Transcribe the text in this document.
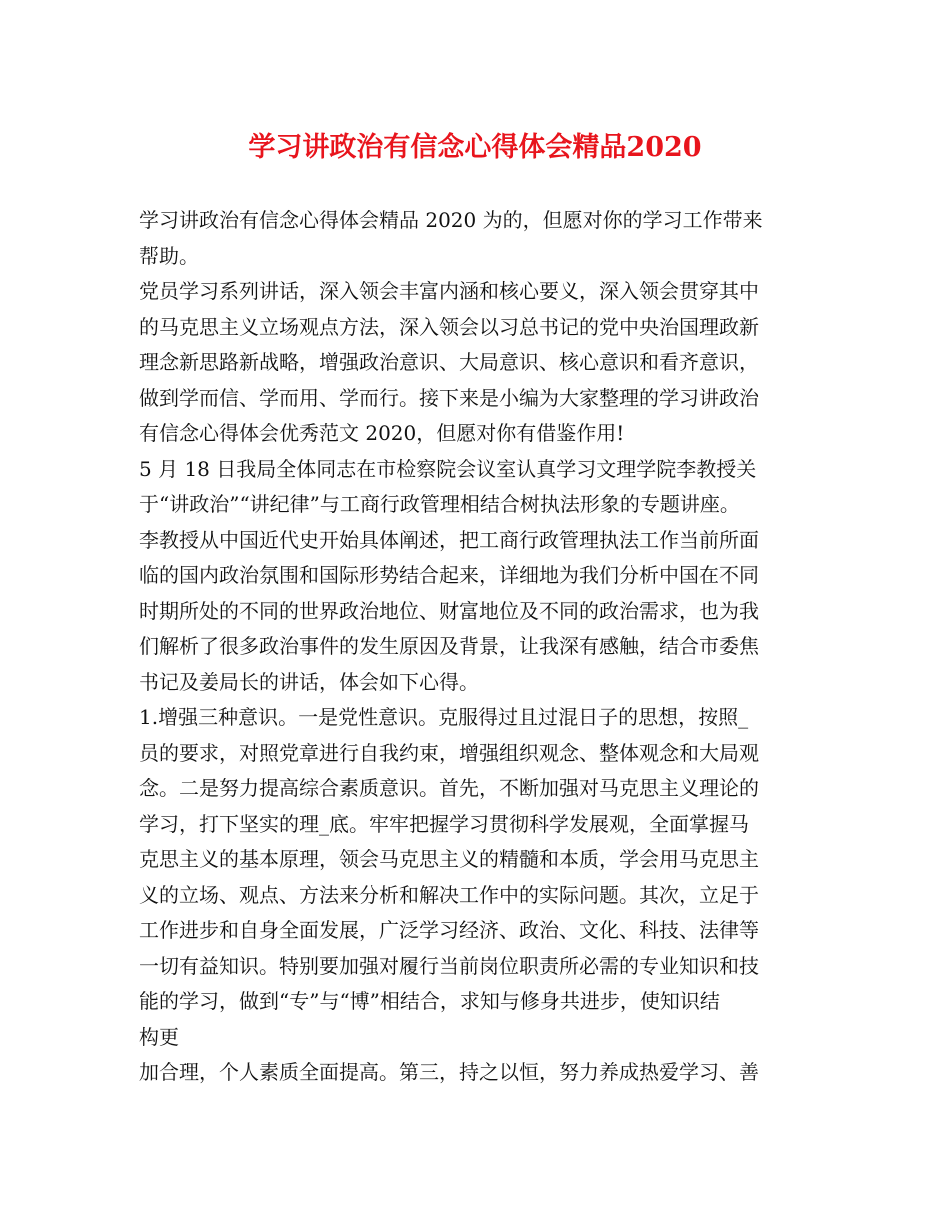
学习讲政治有信念心得体会精品2020
学习讲政治有信念心得体会精品 2020 为的，但愿对你的学习工作带来
帮助。
党员学习系列讲话，深入领会丰富内涵和核心要义，深入领会贯穿其中
的马克思主义立场观点方法，深入领会以习总书记的党中央治国理政新
理念新思路新战略，增强政治意识、大局意识、核心意识和看齐意识，
做到学而信、学而用、学而行。接下来是小编为大家整理的学习讲政治
有信念心得体会优秀范文 2020，但愿对你有借鉴作用!
5 月 18 日我局全体同志在市检察院会议室认真学习文理学院李教授关
于“讲政治”“讲纪律”与工商行政管理相结合树执法形象的专题讲座。
李教授从中国近代史开始具体阐述，把工商行政管理执法工作当前所面
临的国内政治氛围和国际形势结合起来，详细地为我们分析中国在不同
时期所处的不同的世界政治地位、财富地位及不同的政治需求，也为我
们解析了很多政治事件的发生原因及背景，让我深有感触，结合市委焦
书记及姜局长的讲话，体会如下心得。
1.增强三种意识。一是党性意识。克服得过且过混日子的思想，按照_
员的要求，对照党章进行自我约束，增强组织观念、整体观念和大局观
念。二是努力提高综合素质意识。首先，不断加强对马克思主义理论的
学习，打下坚实的理_底。牢牢把握学习贯彻科学发展观，全面掌握马
克思主义的基本原理，领会马克思主义的精髓和本质，学会用马克思主
义的立场、观点、方法来分析和解决工作中的实际问题。其次，立足于
工作进步和自身全面发展，广泛学习经济、政治、文化、科技、法律等
一切有益知识。特别要加强对履行当前岗位职责所必需的专业知识和技
能的学习，做到“专”与“博”相结合，求知与修身共进步，使知识结
构更
加合理，个人素质全面提高。第三，持之以恒，努力养成热爱学习、善
